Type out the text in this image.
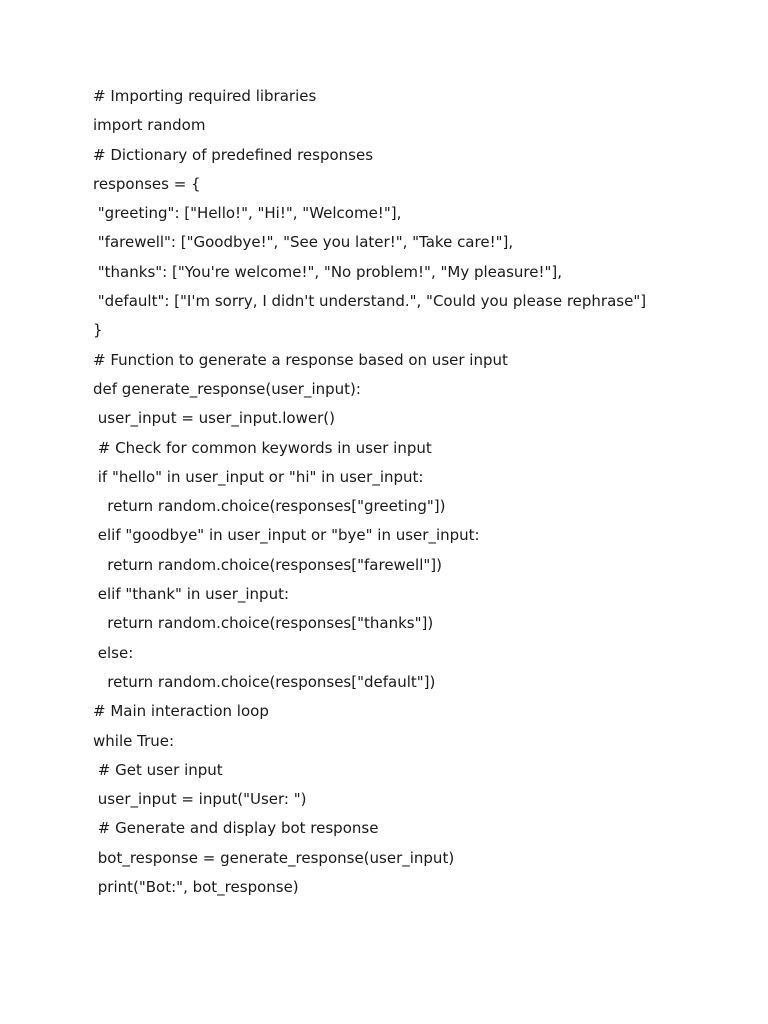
# Importing required libraries
import random
# Dictionary of predefined responses
responses = {
"greeting": ["Hello!", "Hi!", "Welcome!"],
"farewell": ["Goodbye!", "See you later!", "Take care!"],
"thanks": ["You're welcome!", "No problem!", "My pleasure!"],
"default": ["I'm sorry, I didn't understand.", "Could you please rephrase"]
}
# Function to generate a response based on user input
def generate_response(user_input):
user_input = user_input.lower()
# Check for common keywords in user input
if "hello" in user_input or "hi" in user_input:
return random.choice(responses["greeting"])
elif "goodbye" in user_input or "bye" in user_input:
return random.choice(responses["farewell"])
elif "thank" in user_input:
return random.choice(responses["thanks"])
else:
return random.choice(responses["default"])
# Main interaction loop
while True:
# Get user input
user_input = input("User: ")
# Generate and display bot response
bot_response = generate_response(user_input)
print("Bot:", bot_response)
